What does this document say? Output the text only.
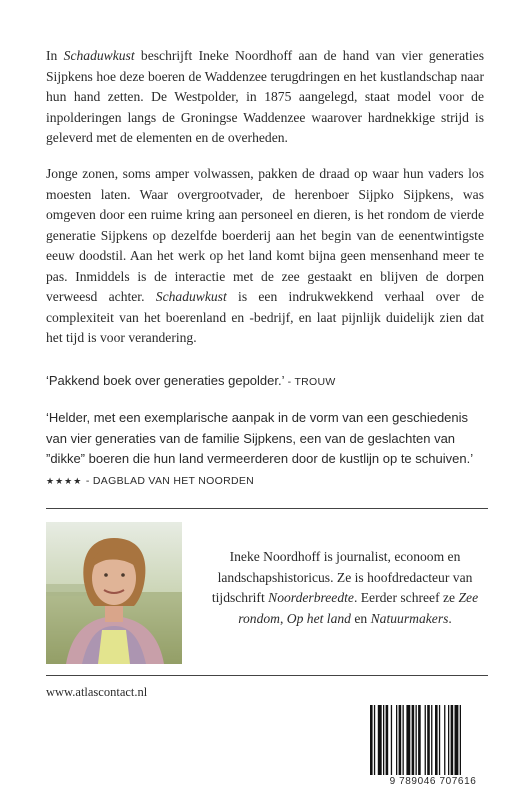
In Schaduwkust beschrijft Ineke Noordhoff aan de hand van vier generaties Sijpkens hoe deze boeren de Waddenzee terugdringen en het kustlandschap naar hun hand zetten. De Westpolder, in 1875 aangelegd, staat model voor de inpolderingen langs de Groningse Waddenzee waarover hardnekkige strijd is geleverd met de elementen en de overheden.
Jonge zonen, soms amper volwassen, pakken de draad op waar hun vaders los moesten laten. Waar overgrootvader, de herenboer Sijpko Sijpkens, was omgeven door een ruime kring aan personeel en dieren, is het rondom de vierde generatie Sijpkens op dezelfde boerderij aan het begin van de eenentwintigste eeuw doodstil. Aan het werk op het land komt bijna geen mensenhand meer te pas. Inmiddels is de interactie met de zee gestaakt en blijven de dorpen verweesd achter. Schaduwkust is een indrukwekkend verhaal over de complexiteit van het boerenland en -bedrijf, en laat pijnlijk duidelijk zien dat het tijd is voor verandering.
‘Pakkend boek over generaties gepolder.’ - TROUW
‘Helder, met een exemplarische aanpak in de vorm van een geschiedenis van vier generaties van de familie Sijpkens, een van de geslachten van ”dikke” boeren die hun land vermeerderen door de kustlijn op te schuiven.’ ★★★★ - DAGBLAD VAN HET NOORDEN
Ineke Noordhoff is journalist, econoom en landschapshistoricus. Ze is hoofdredacteur van tijdschrift Noorderbreedte. Eerder schreef ze Zee rondom, Op het land en Natuurmakers.
www.atlascontact.nl
9 789046 707616
